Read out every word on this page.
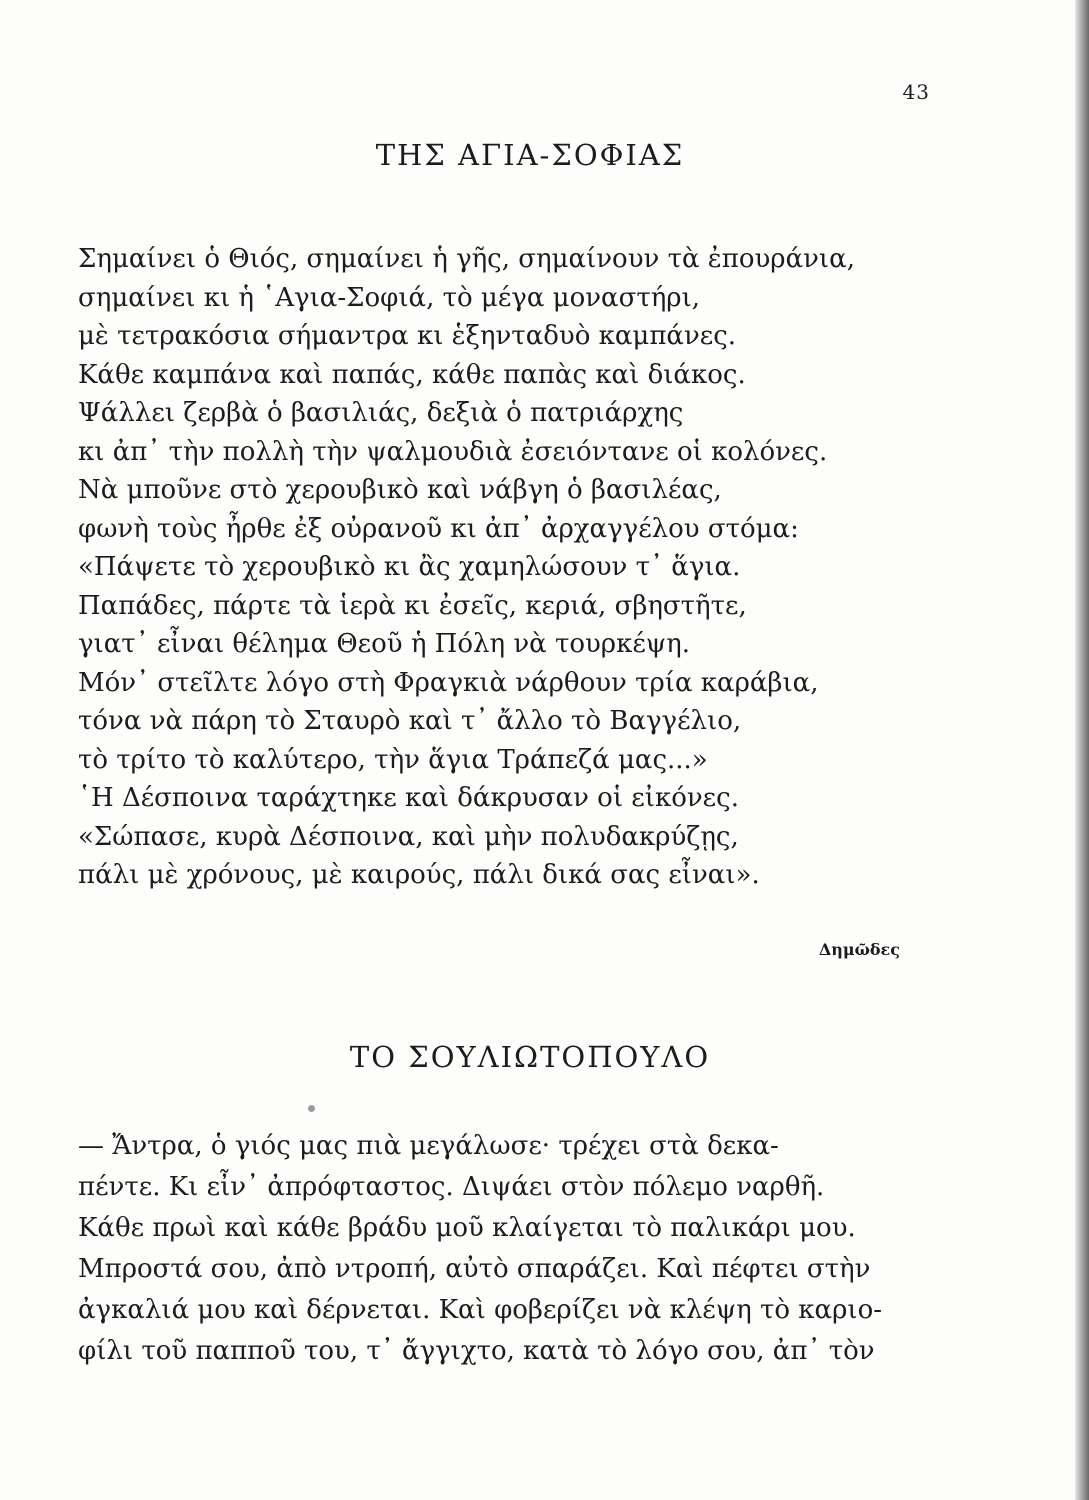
43
ΤΗΣ ΑΓΙΑ-ΣΟΦΙΑΣ
Σημαίνει ὁ Θιός, σημαίνει ἡ γῆς, σημαίνουν τὰ ἐπουράνια,
σημαίνει κι ἡ ῾Αγια-Σοφιά, τὸ μέγα μοναστήρι,
μὲ τετρακόσια σήμαντρα κι ἑξηνταδυὸ καμπάνες.
Κάθε καμπάνα καὶ παπάς, κάθε παπὰς καὶ διάκος.
Ψάλλει ζερβὰ ὁ βασιλιάς, δεξιὰ ὁ πατριάρχης
κι ἀπ᾽ τὴν πολλὴ τὴν ψαλμουδιὰ ἐσειόντανε οἱ κολόνες.
Νὰ μποῦνε στὸ χερουβικὸ καὶ νάβγη ὁ βασιλέας,
φωνὴ τοὺς ἦρθε ἐξ οὐρανοῦ κι ἀπ᾽ ἀρχαγγέλου στόμα:
«Πάψετε τὸ χερουβικὸ κι ἂς χαμηλώσουν τ᾽ ἅγια.
Παπάδες, πάρτε τὰ ἱερὰ κι ἐσεῖς, κεριά, σβηστῆτε,
γιατ᾽ εἶναι θέλημα Θεοῦ ἡ Πόλη νὰ τουρκέψη.
Μόν᾽ στεῖλτε λόγο στὴ Φραγκιὰ νάρθουν τρία καράβια,
τόνα νὰ πάρη τὸ Σταυρὸ καὶ τ᾽ ἄλλο τὸ Βαγγέλιο,
τὸ τρίτο τὸ καλύτερο, τὴν ἅγια Τράπεζά μας...»
῾Η Δέσποινα ταράχτηκε καὶ δάκρυσαν οἱ εἰκόνες.
«Σώπασε, κυρὰ Δέσποινα, καὶ μὴν πολυδακρύζῃς,
πάλι μὲ χρόνους, μὲ καιρούς, πάλι δικά σας εἶναι».
Δημῶδες
ΤΟ ΣΟΥΛΙΩΤΟΠΟΥΛΟ
— Ἄντρα, ὁ γιός μας πιὰ μεγάλωσε· τρέχει στὰ δεκα-
πέντε. Κι εἶν᾽ ἀπρόφταστος. Διψάει στὸν πόλεμο ναρθῆ.
Κάθε πρωὶ καὶ κάθε βράδυ μοῦ κλαίγεται τὸ παλικάρι μου.
Μπροστά σου, ἀπὸ ντροπή, αὐτὸ σπαράζει. Καὶ πέφτει στὴν
ἀγκαλιά μου καὶ δέρνεται. Καὶ φοβερίζει νὰ κλέψη τὸ καριο-
φίλι τοῦ παπποῦ του, τ᾽ ἄγγιχτο, κατὰ τὸ λόγο σου, ἀπ᾽ τὸν
